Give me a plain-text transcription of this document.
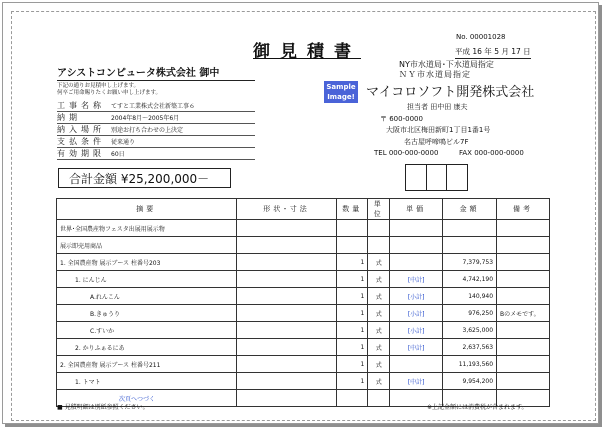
御見積書
No. 00001028
平成 16 年 5 月 17 日
アシストコンピュータ株式会社 御中
下記の通りお見積申し上げます。
何卒ご用命賜りたくお願い申し上げます。
工事名称 てすと工業株式会社新築工事６
納期	2004年8月～2005年6月
納入場所 別途お打ち合わせの上決定
支払条件 従来通り
有効期限 60日
合計金額 ¥25,200,000－
NY市水道局･下水道局指定
ＮＹ市水道局指定
Sample
Image! マイコロソフト開発株式会社
担当者 田中田 康夫
〒 600-0000
大阪市北区梅田新町1丁目1番1号
名古屋呼啼鳴ビル7F
TEL 000-000-0000	FAX 000-000-0000
摘要	形状･寸法	数量	単位	単価	金額	備考
世界･全国農産物フェスタ出展用展示物						
展示即売用商品						
1. 全国農産物 展示ブース 柱番号203		1	式		7,379,753	
1. にんじん		1	式	[中計]	4,742,190	
A.れんこん		1	式	[小計]	140,940	
B.きゅうり		1	式	[小計]	976,250	Bのメモです。
C.すいか		1	式	[小計]	3,625,000	
2. かりふぁるにあ		1	式	[中計]	2,637,563	
2. 全国農産物 展示ブース 柱番号211		1	式		11,193,560	
1. トマト		1	式	[中計]	9,954,200	
次頁へつづく						
■ 見積明細は別紙参照ください。	※上記金額には消費税が含まれます。
